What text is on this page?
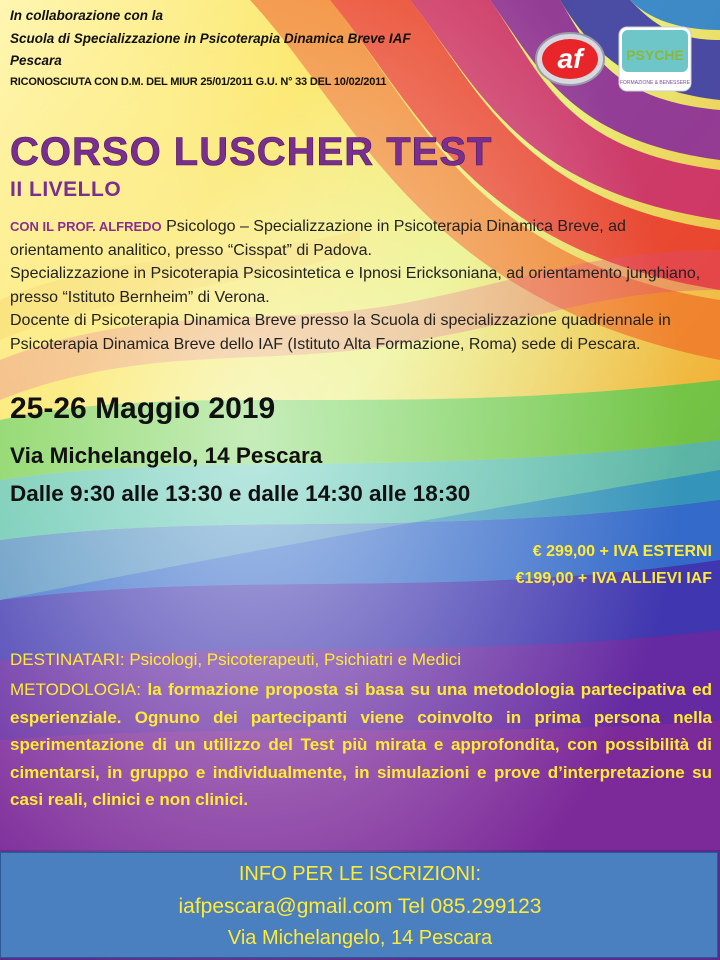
In collaborazione con la
Scuola di Specializzazione in Psicoterapia Dinamica Breve IAF
Pescara
RICONOSCIUTA CON D.M. DEL MIUR 25/01/2011 G.U. N° 33 DEL 10/02/2011
af	PSYCHE
FORMAZIONE & BENESSERE
CORSO LUSCHER TEST
II LIVELLO
CON IL PROF. ALFREDO Psicologo – Specializzazione in Psicoterapia Dinamica Breve, ad orientamento analitico, presso “Cisspat” di Padova.
Specializzazione in Psicoterapia Psicosintetica e Ipnosi Ericksoniana, ad orientamento junghiano, presso “Istituto Bernheim” di Verona.
Docente di Psicoterapia Dinamica Breve presso la Scuola di specializzazione quadriennale in Psicoterapia Dinamica Breve dello IAF (Istituto Alta Formazione, Roma) sede di Pescara.
25-26 Maggio 2019
Via Michelangelo, 14 Pescara
Dalle 9:30 alle 13:30 e dalle 14:30 alle 18:30
€ 299,00 + IVA ESTERNI
€199,00 + IVA ALLIEVI IAF
DESTINATARI: Psicologi, Psicoterapeuti, Psichiatri e Medici
METODOLOGIA: la formazione proposta si basa su una metodologia partecipativa ed esperienziale. Ognuno dei partecipanti viene coinvolto in prima persona nella sperimentazione di un utilizzo del Test più mirata e approfondita, con possibilità di cimentarsi, in gruppo e individualmente, in simulazioni e prove d’interpretazione su casi reali, clinici e non clinici.
INFO PER LE ISCRIZIONI:
iafpescara@gmail.com Tel 085.299123
Via Michelangelo, 14 Pescara
